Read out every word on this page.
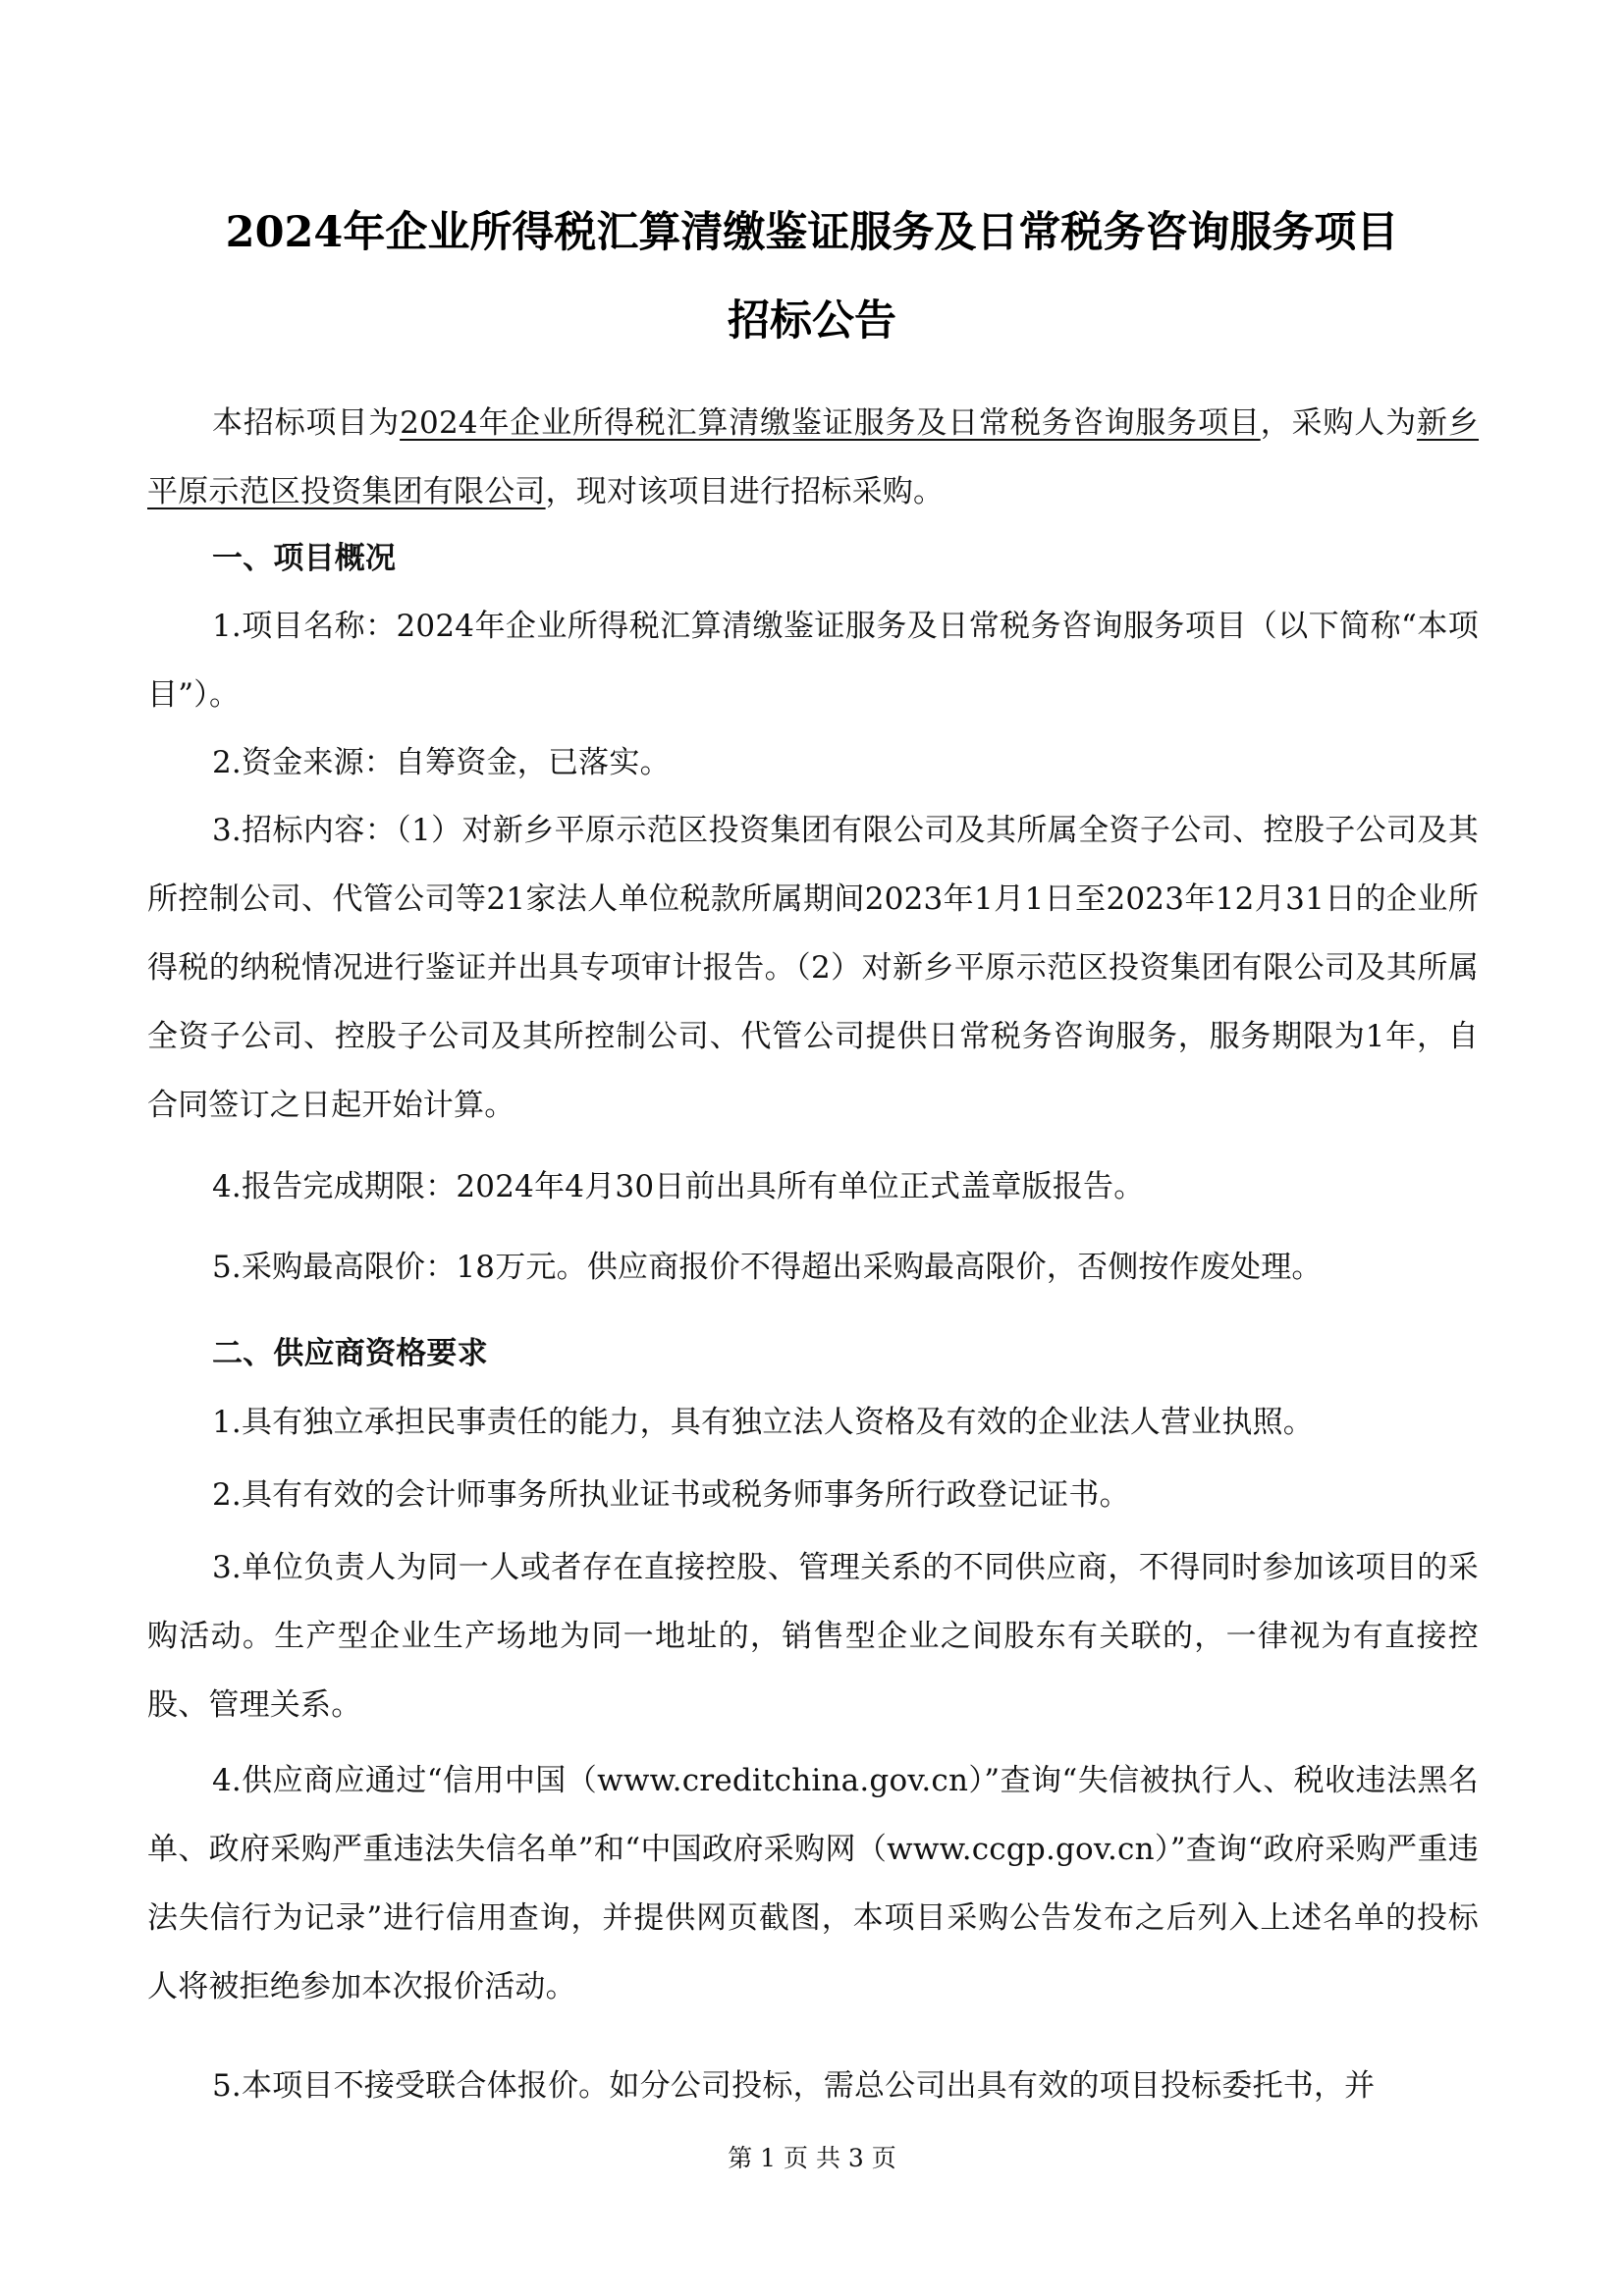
2024年企业所得税汇算清缴鉴证服务及日常税务咨询服务项目
招标公告

本招标项目为2024年企业所得税汇算清缴鉴证服务及日常税务咨询服务项目，采购人为新乡平原示范区投资集团有限公司，现对该项目进行招标采购。

一、项目概况

1.项目名称：2024年企业所得税汇算清缴鉴证服务及日常税务咨询服务项目（以下简称“本项目”）。

2.资金来源：自筹资金，已落实。

3.招标内容：（1）对新乡平原示范区投资集团有限公司及其所属全资子公司、控股子公司及其所控制公司、代管公司等21家法人单位税款所属期间2023年1月1日至2023年12月31日的企业所得税的纳税情况进行鉴证并出具专项审计报告。（2）对新乡平原示范区投资集团有限公司及其所属全资子公司、控股子公司及其所控制公司、代管公司提供日常税务咨询服务，服务期限为1年，自合同签订之日起开始计算。

4.报告完成期限：2024年4月30日前出具所有单位正式盖章版报告。

5.采购最高限价：18万元。供应商报价不得超出采购最高限价，否侧按作废处理。

二、供应商资格要求

1.具有独立承担民事责任的能力，具有独立法人资格及有效的企业法人营业执照。

2.具有有效的会计师事务所执业证书或税务师事务所行政登记证书。

3.单位负责人为同一人或者存在直接控股、管理关系的不同供应商，不得同时参加该项目的采购活动。生产型企业生产场地为同一地址的，销售型企业之间股东有关联的，一律视为有直接控股、管理关系。

4.供应商应通过“信用中国（www.creditchina.gov.cn）”查询“失信被执行人、税收违法黑名单、政府采购严重违法失信名单”和“中国政府采购网（www.ccgp.gov.cn）”查询“政府采购严重违法失信行为记录”进行信用查询，并提供网页截图，本项目采购公告发布之后列入上述名单的投标人将被拒绝参加本次报价活动。

5.本项目不接受联合体报价。如分公司投标，需总公司出具有效的项目投标委托书，并

第 1 页 共 3 页
